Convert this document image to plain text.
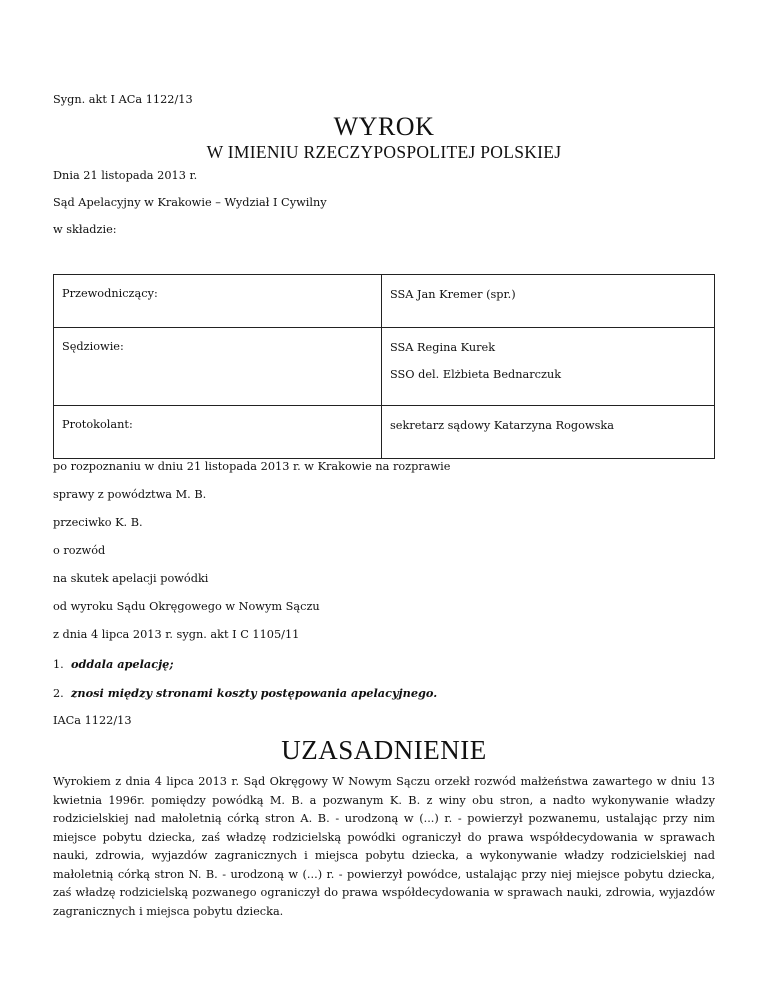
Sygn. akt I ACa 1122/13
WYROK
W IMIENIU RZECZYPOSPOLITEJ POLSKIEJ
Dnia 21 listopada 2013 r.
Sąd Apelacyjny w Krakowie – Wydział I Cywilny
w składzie:
Przewodniczący:	SSA Jan Kremer (spr.)

Sędziowie:	SSA Regina Kurek
SSO del. Elżbieta Bednarczuk

Protokolant:	sekretarz sądowy Katarzyna Rogowska
po rozpoznaniu w dniu 21 listopada 2013 r. w Krakowie na rozprawie
sprawy z powództwa M. B.
przeciwko K. B.
o rozwód
na skutek apelacji powódki
od wyroku Sądu Okręgowego w Nowym Sączu
z dnia 4 lipca 2013 r. sygn. akt I C 1105/11
1. oddala apelację;
2. znosi między stronami koszty postępowania apelacyjnego.
IACa 1122/13
UZASADNIENIE
Wyrokiem z dnia 4 lipca 2013 r. Sąd Okręgowy W Nowym Sączu orzekł rozwód małżeństwa zawartego w dniu 13 kwietnia 1996r. pomiędzy powódką M. B. a pozwanym K. B. z winy obu stron, a nadto wykonywanie władzy rodzicielskiej nad małoletnią córką stron A. B. - urodzoną w (...) r. - powierzył pozwanemu, ustalając przy nim miejsce pobytu dziecka, zaś władzę rodzicielską powódki ograniczył do prawa współdecydowania w sprawach nauki, zdrowia, wyjazdów zagranicznych i miejsca pobytu dziecka, a wykonywanie władzy rodzicielskiej nad małoletnią córką stron N. B. - urodzoną w (...) r. - powierzył powódce, ustalając przy niej miejsce pobytu dziecka, zaś władzę rodzicielską pozwanego ograniczył do prawa współdecydowania w sprawach nauki, zdrowia, wyjazdów zagranicznych i miejsca pobytu dziecka.
